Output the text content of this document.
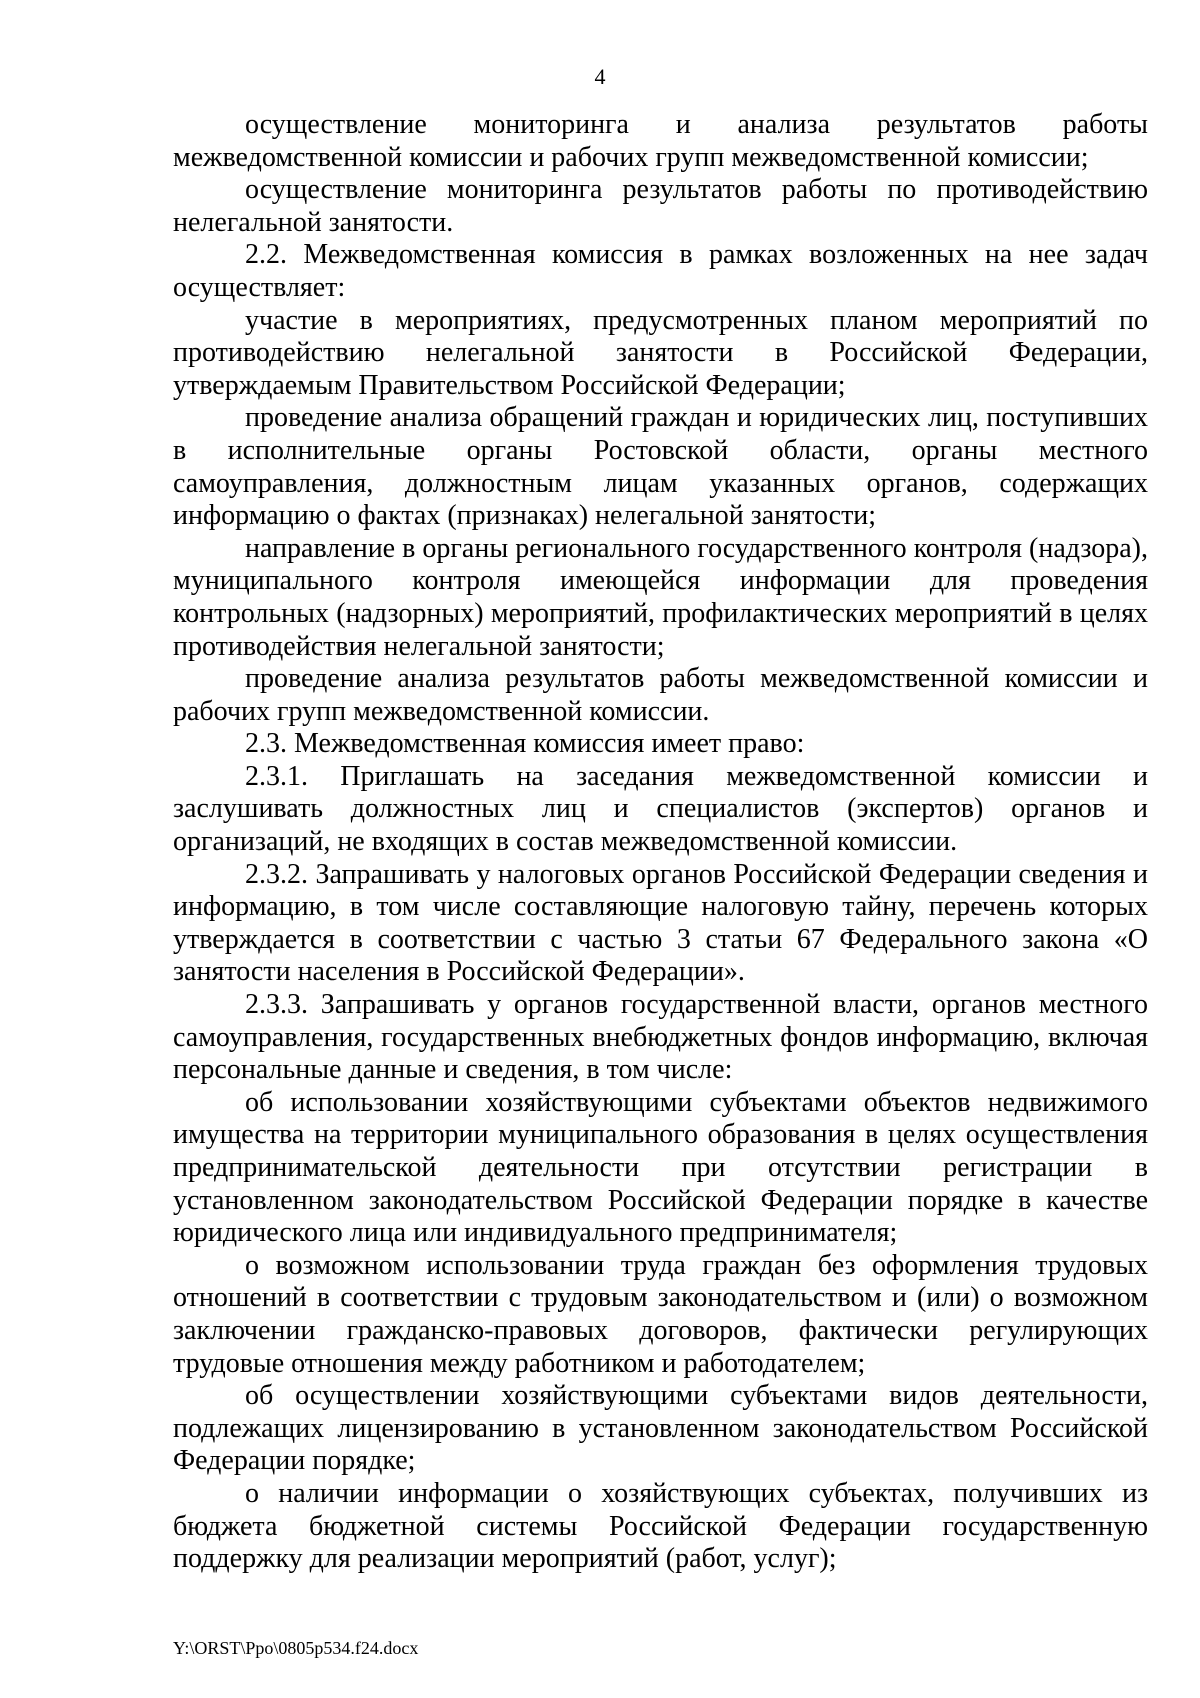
4

осуществление мониторинга и анализа результатов работы межведомственной комиссии и рабочих групп межведомственной комиссии;

осуществление мониторинга результатов работы по противодействию нелегальной занятости.

2.2. Межведомственная комиссия в рамках возложенных на нее задач осуществляет:

участие в мероприятиях, предусмотренных планом мероприятий по противодействию нелегальной занятости в Российской Федерации, утверждаемым Правительством Российской Федерации;

проведение анализа обращений граждан и юридических лиц, поступивших в исполнительные органы Ростовской области, органы местного самоуправления, должностным лицам указанных органов, содержащих информацию о фактах (признаках) нелегальной занятости;

направление в органы регионального государственного контроля (надзора), муниципального контроля имеющейся информации для проведения контрольных (надзорных) мероприятий, профилактических мероприятий в целях противодействия нелегальной занятости;

проведение анализа результатов работы межведомственной комиссии и рабочих групп межведомственной комиссии.

2.3. Межведомственная комиссия имеет право:

2.3.1. Приглашать на заседания межведомственной комиссии и заслушивать должностных лиц и специалистов (экспертов) органов и организаций, не входящих в состав межведомственной комиссии.

2.3.2. Запрашивать у налоговых органов Российской Федерации сведения и информацию, в том числе составляющие налоговую тайну, перечень которых утверждается в соответствии с частью 3 статьи 67 Федерального закона «О занятости населения в Российской Федерации».

2.3.3. Запрашивать у органов государственной власти, органов местного самоуправления, государственных внебюджетных фондов информацию, включая персональные данные и сведения, в том числе:

об использовании хозяйствующими субъектами объектов недвижимого имущества на территории муниципального образования в целях осуществления предпринимательской деятельности при отсутствии регистрации в установленном законодательством Российской Федерации порядке в качестве юридического лица или индивидуального предпринимателя;

о возможном использовании труда граждан без оформления трудовых отношений в соответствии с трудовым законодательством и (или) о возможном заключении гражданско-правовых договоров, фактически регулирующих трудовые отношения между работником и работодателем;

об осуществлении хозяйствующими субъектами видов деятельности, подлежащих лицензированию в установленном законодательством Российской Федерации порядке;

о наличии информации о хозяйствующих субъектах, получивших из бюджета бюджетной системы Российской Федерации государственную поддержку для реализации мероприятий (работ, услуг);

Y:\ORST\Ppo\0805p534.f24.docx
